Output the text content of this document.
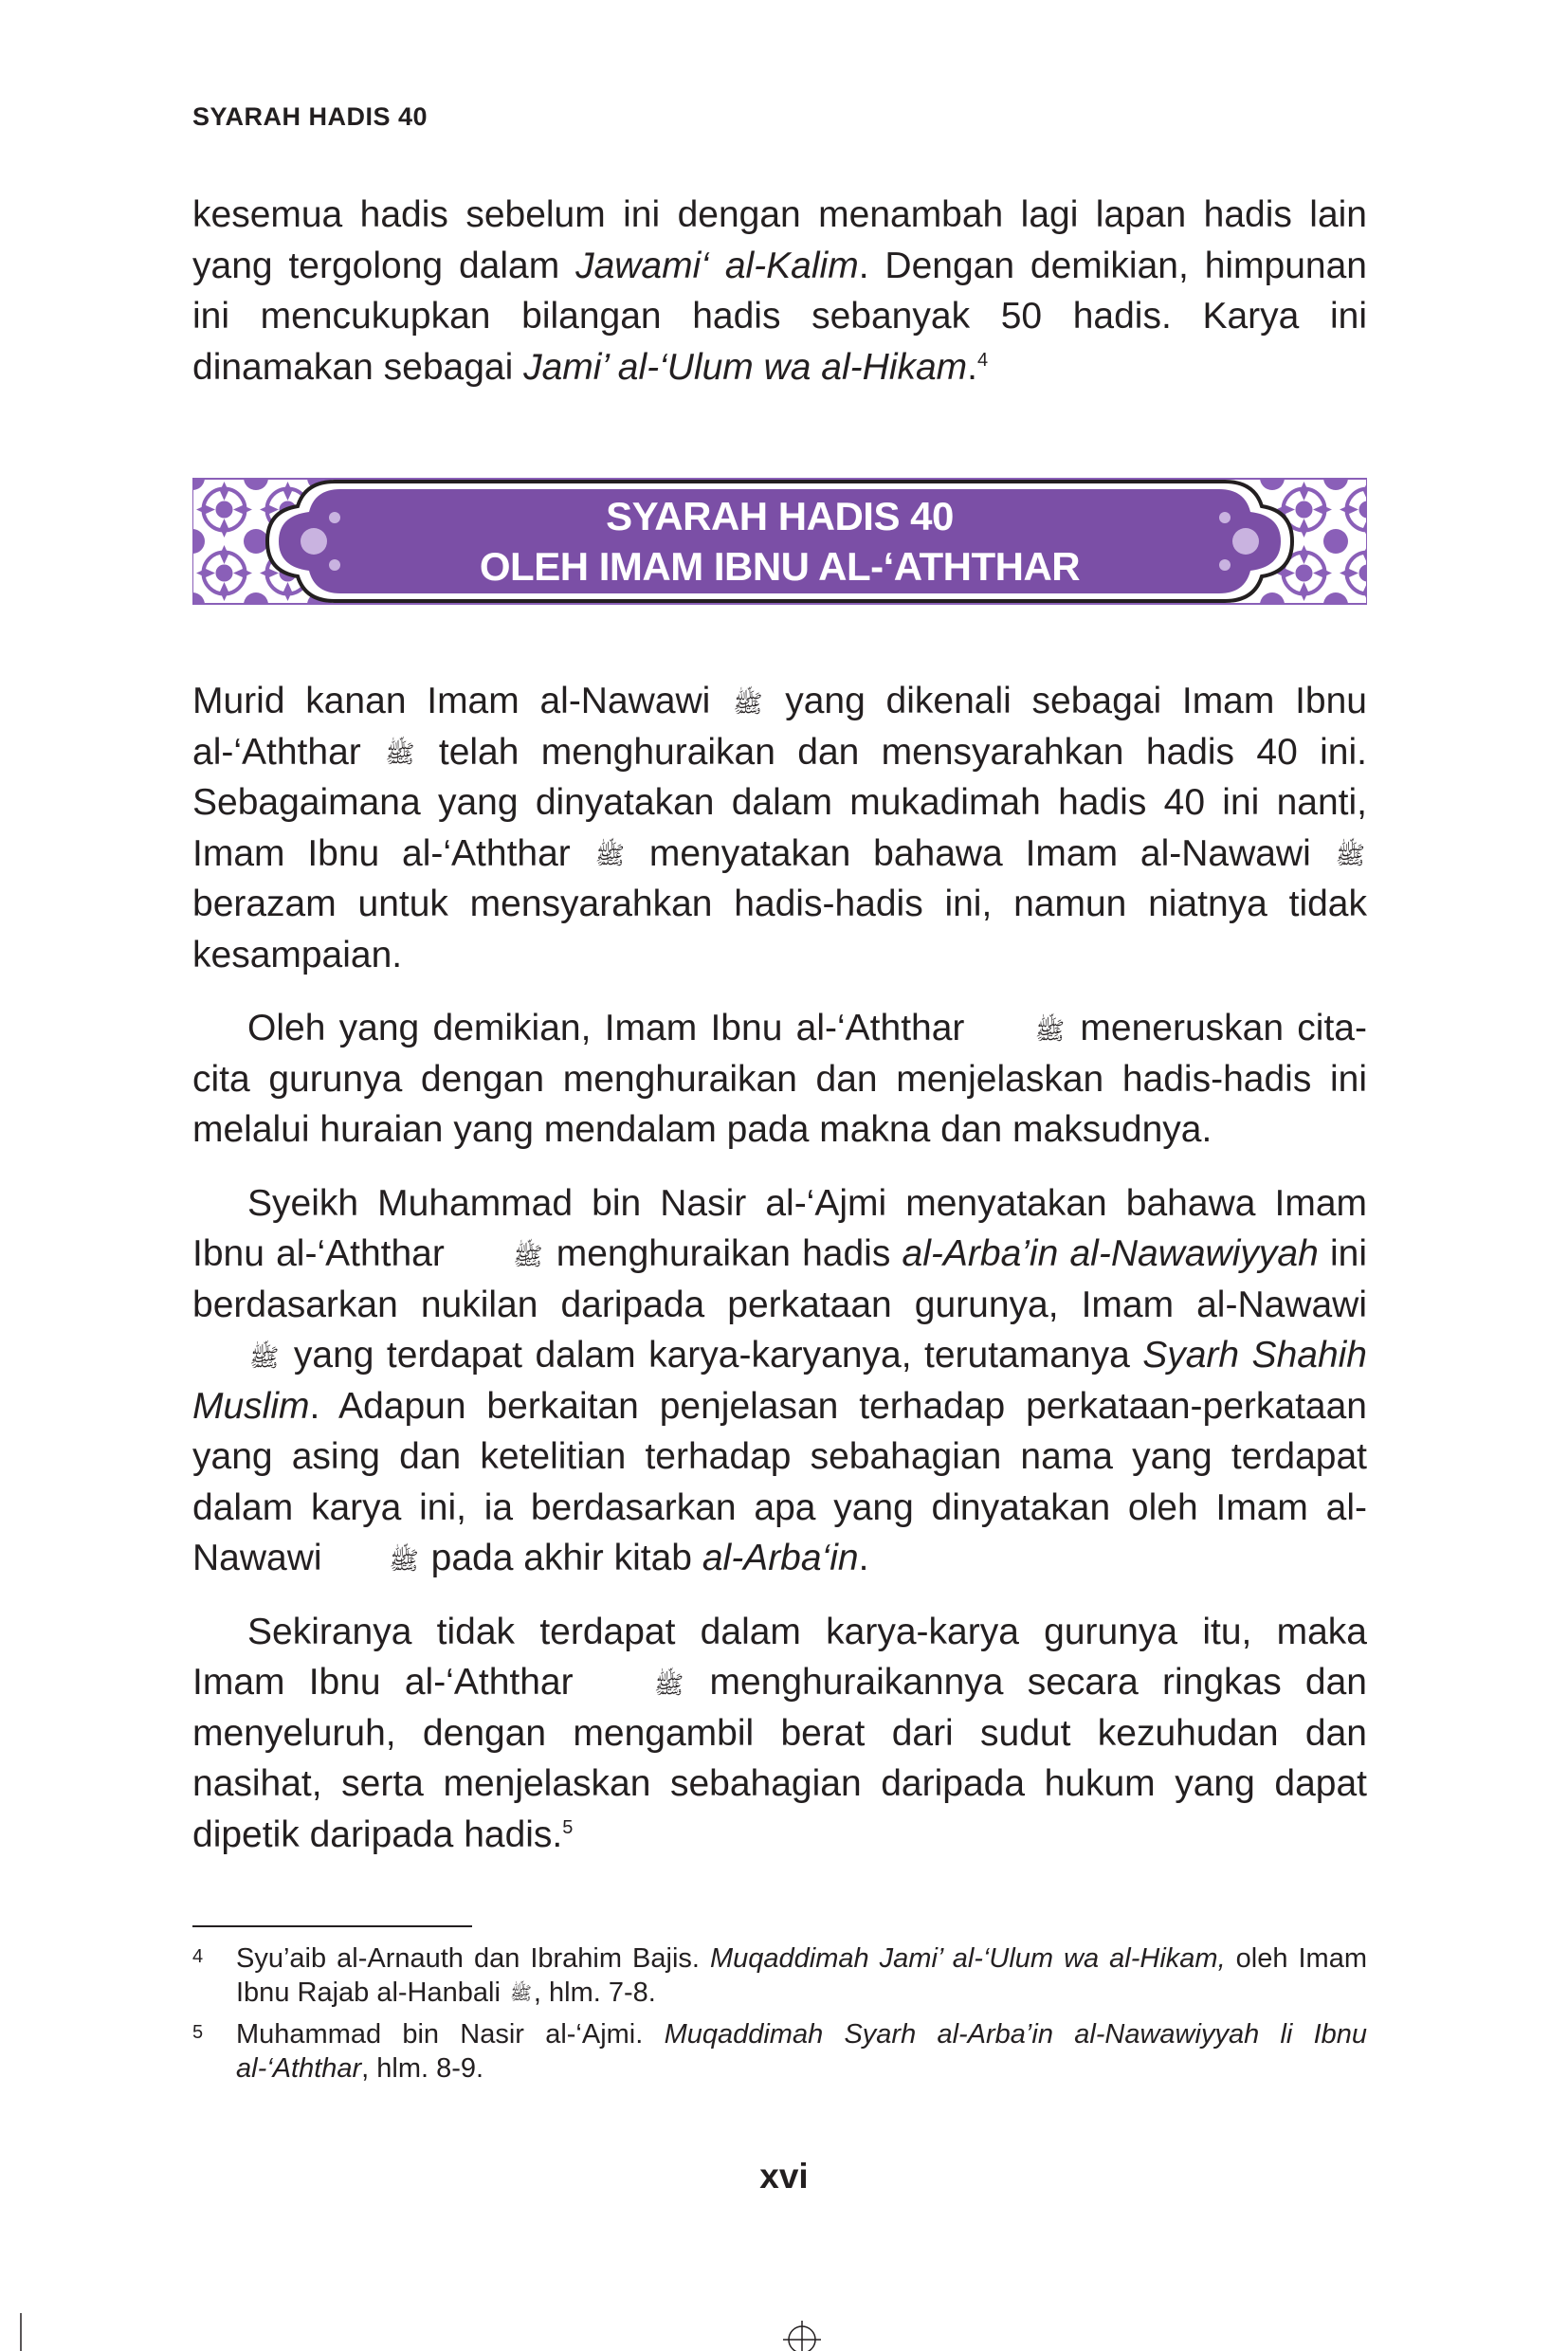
SYARAH HADIS 40

kesemua hadis sebelum ini dengan menambah lagi lapan hadis lain yang tergolong dalam Jawami‘ al-Kalim. Dengan demikian, himpunan ini mencukupkan bilangan hadis sebanyak 50 hadis. Karya ini dinamakan sebagai Jami’ al-‘Ulum wa al-Hikam.$^4$

SYARAH HADIS 40
OLEH IMAM IBNU AL-‘ATHTHAR

Murid kanan Imam al-Nawawi ﷺ yang dikenali sebagai Imam Ibnu al-‘Aththar ﷺ telah menghuraikan dan mensyarahkan hadis 40 ini. Sebagaimana yang dinyatakan dalam mukadimah hadis 40 ini nanti, Imam Ibnu al-‘Aththar ﷺ menyatakan bahawa Imam al-Nawawi ﷺ berazam untuk mensyarahkan hadis-hadis ini, namun niatnya tidak kesampaian.

Oleh yang demikian, Imam Ibnu al-‘Aththar	ﷺ meneruskan cita-cita gurunya dengan menghuraikan dan menjelaskan hadis-hadis ini melalui huraian yang mendalam pada makna dan maksudnya.

Syeikh Muhammad bin Nasir al-‘Ajmi menyatakan bahawa Imam Ibnu al-‘Aththar	ﷺ menghuraikan hadis al-Arba’in al-Nawawiyyah ini berdasarkan nukilan daripada perkataan gurunya, Imam al-Nawawi ﷺ yang terdapat dalam karya-karyanya, terutamanya Syarh Shahih Muslim. Adapun berkaitan penjelasan terhadap perkataan-perkataan yang asing dan ketelitian terhadap sebahagian nama yang terdapat dalam karya ini, ia berdasarkan apa yang dinyatakan oleh Imam al-Nawawi	ﷺ pada akhir kitab al-Arba‘in.

Sekiranya tidak terdapat dalam karya-karya gurunya itu, maka Imam Ibnu al-‘Aththar	ﷺ menghuraikannya secara ringkas dan menyeluruh, dengan mengambil berat dari sudut kezuhudan dan nasihat, serta menjelaskan sebahagian daripada hukum yang dapat dipetik daripada hadis.$^5$

4 Syu’aib al-Arnauth dan Ibrahim Bajis. Muqaddimah Jami’ al-‘Ulum wa al-Hikam, oleh Imam Ibnu Rajab al-Hanbali ﷺ, hlm. 7-8.
5 Muhammad bin Nasir al-‘Ajmi. Muqaddimah Syarh al-Arba’in al-Nawawiyyah li Ibnu al-‘Aththar, hlm. 8-9.
xvi
